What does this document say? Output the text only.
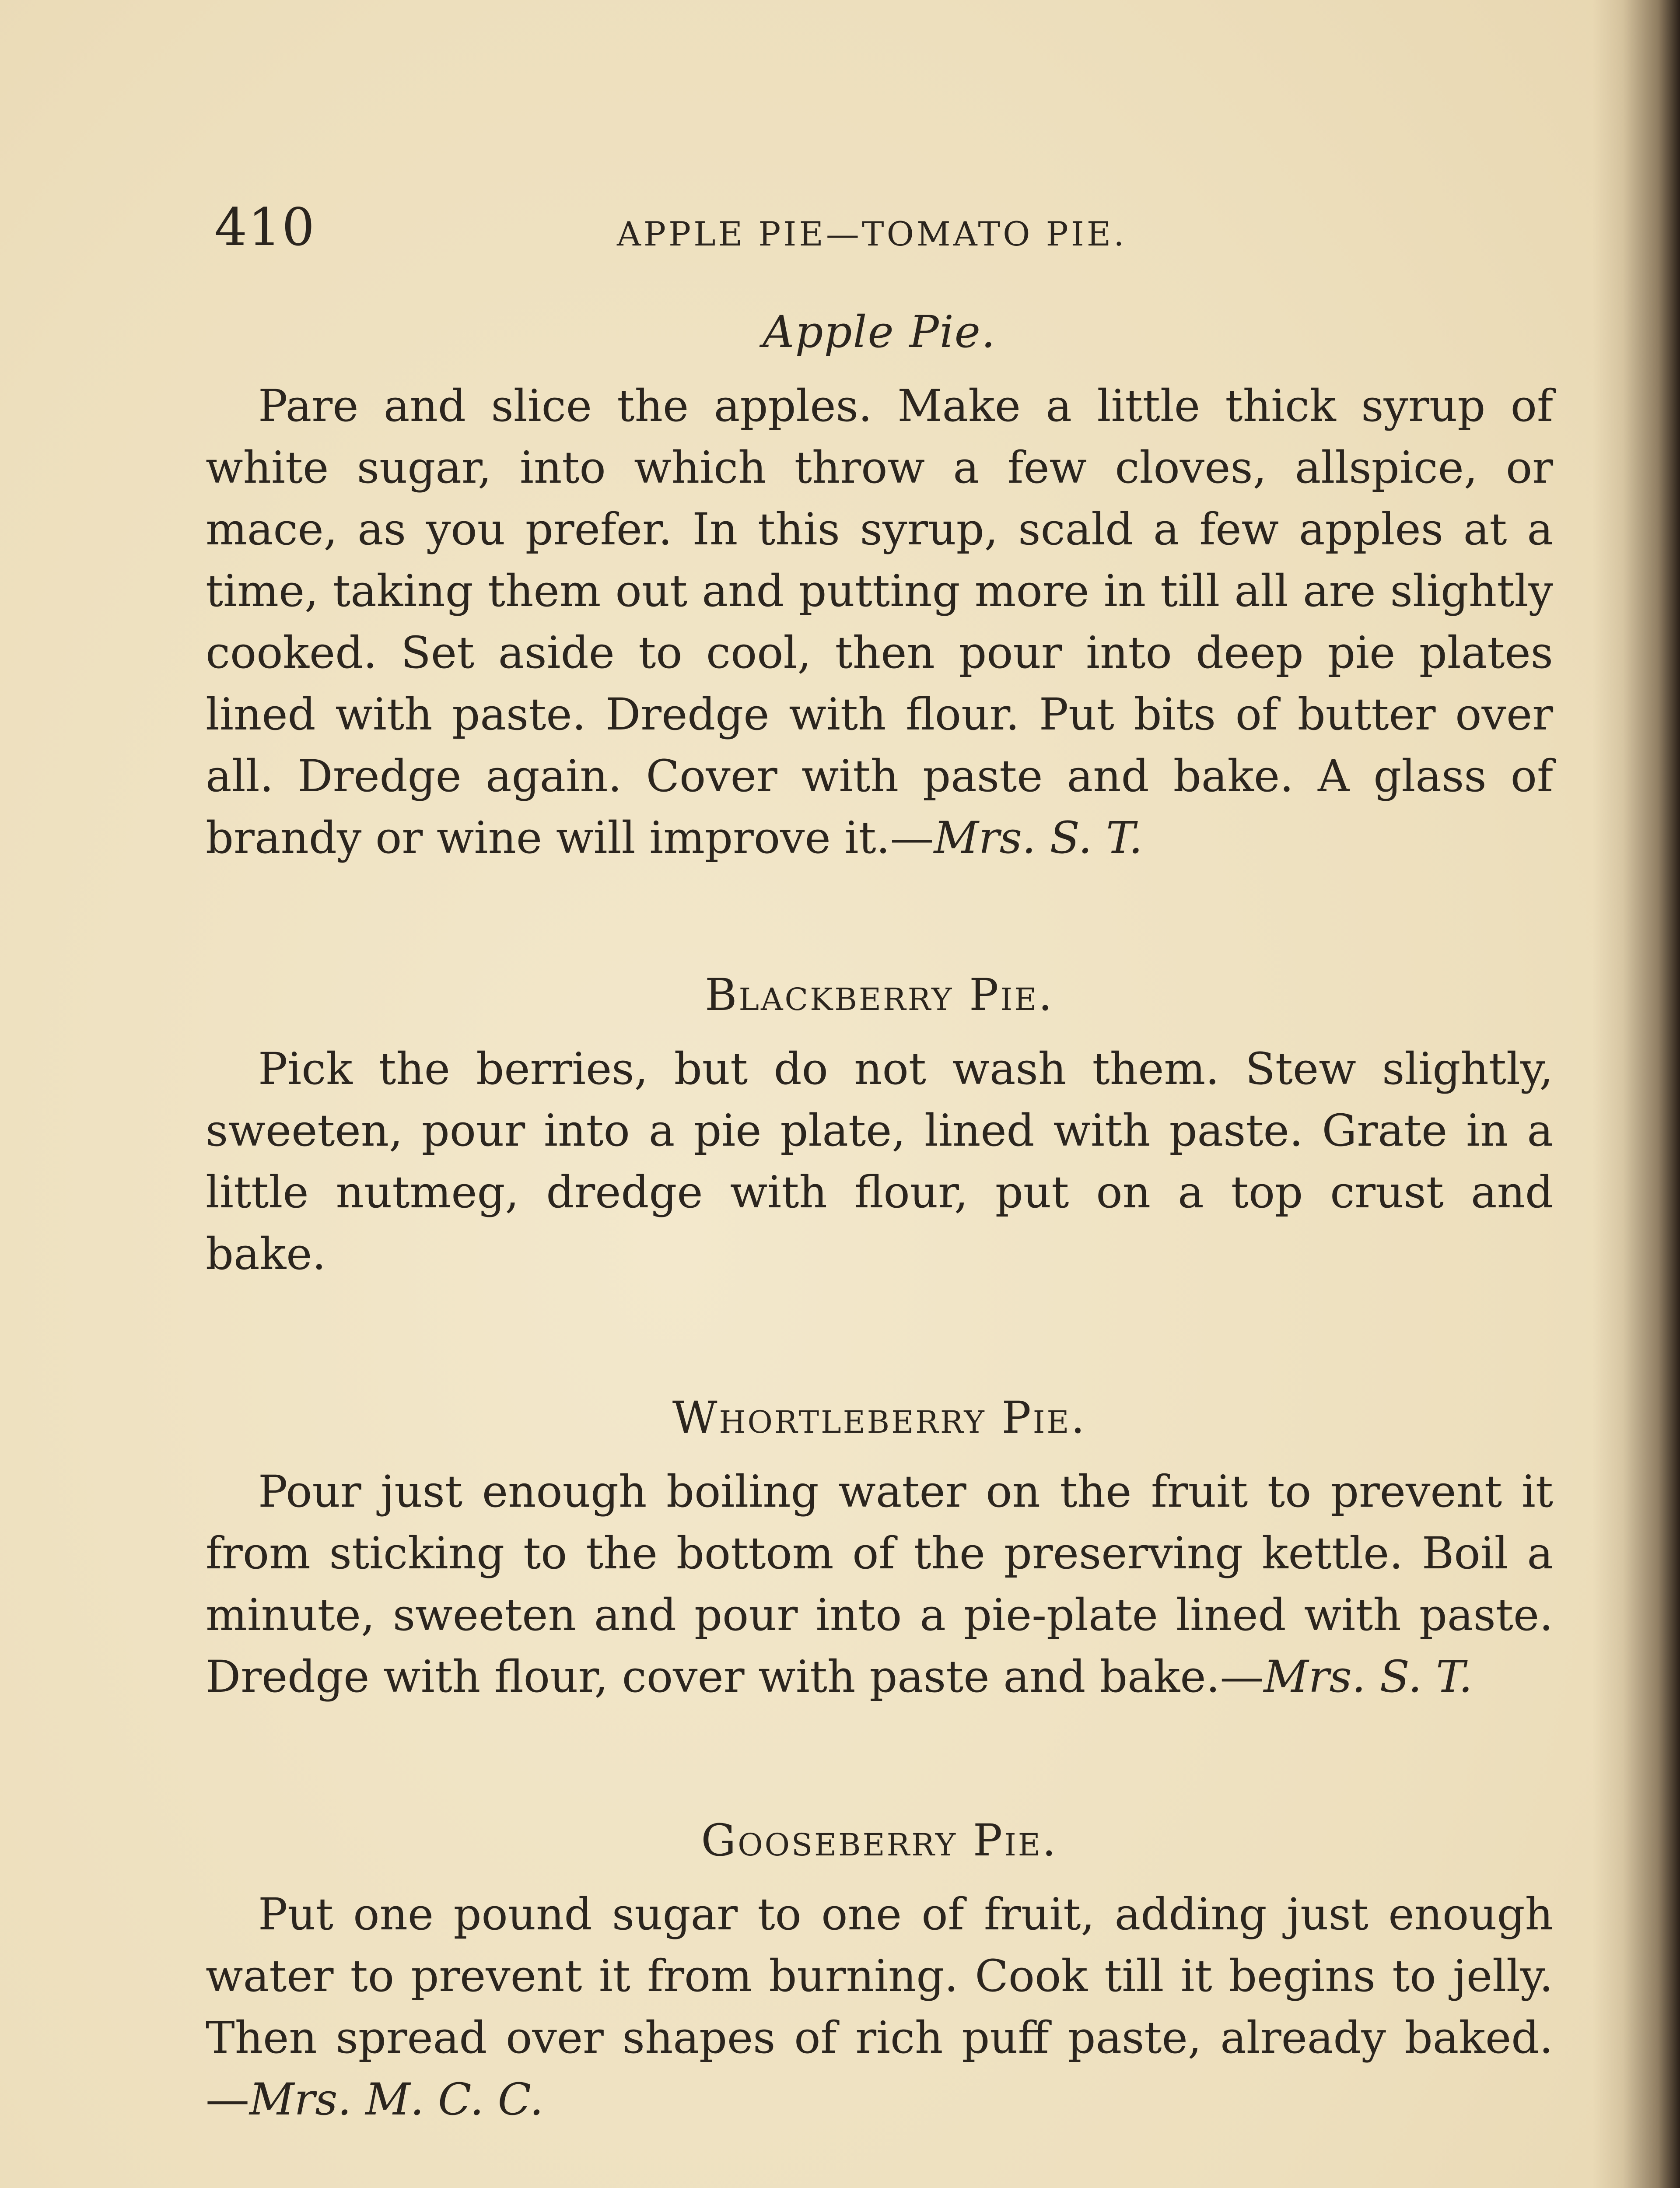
410	APPLE PIE—TOMATO PIE.
Apple Pie.

Pare and slice the apples. Make a little thick syrup of white sugar, into which throw a few cloves, allspice, or mace, as you prefer. In this syrup, scald a few apples at a time, taking them out and putting more in till all are slightly cooked. Set aside to cool, then pour into deep pie plates lined with paste. Dredge with flour. Put bits of butter over all. Dredge again. Cover with paste and bake. A glass of brandy or wine will improve it.—Mrs. S. T.

Blackberry Pie.

Pick the berries, but do not wash them. Stew slightly, sweeten, pour into a pie plate, lined with paste. Grate in a little nutmeg, dredge with flour, put on a top crust and bake.

Whortleberry Pie.

Pour just enough boiling water on the fruit to prevent it from sticking to the bottom of the preserving kettle. Boil a minute, sweeten and pour into a pie-plate lined with paste. Dredge with flour, cover with paste and bake.—Mrs. S. T.

Gooseberry Pie.

Put one pound sugar to one of fruit, adding just enough water to prevent it from burning. Cook till it begins to jelly. Then spread over shapes of rich puff paste, already baked.—Mrs. M. C. C.
